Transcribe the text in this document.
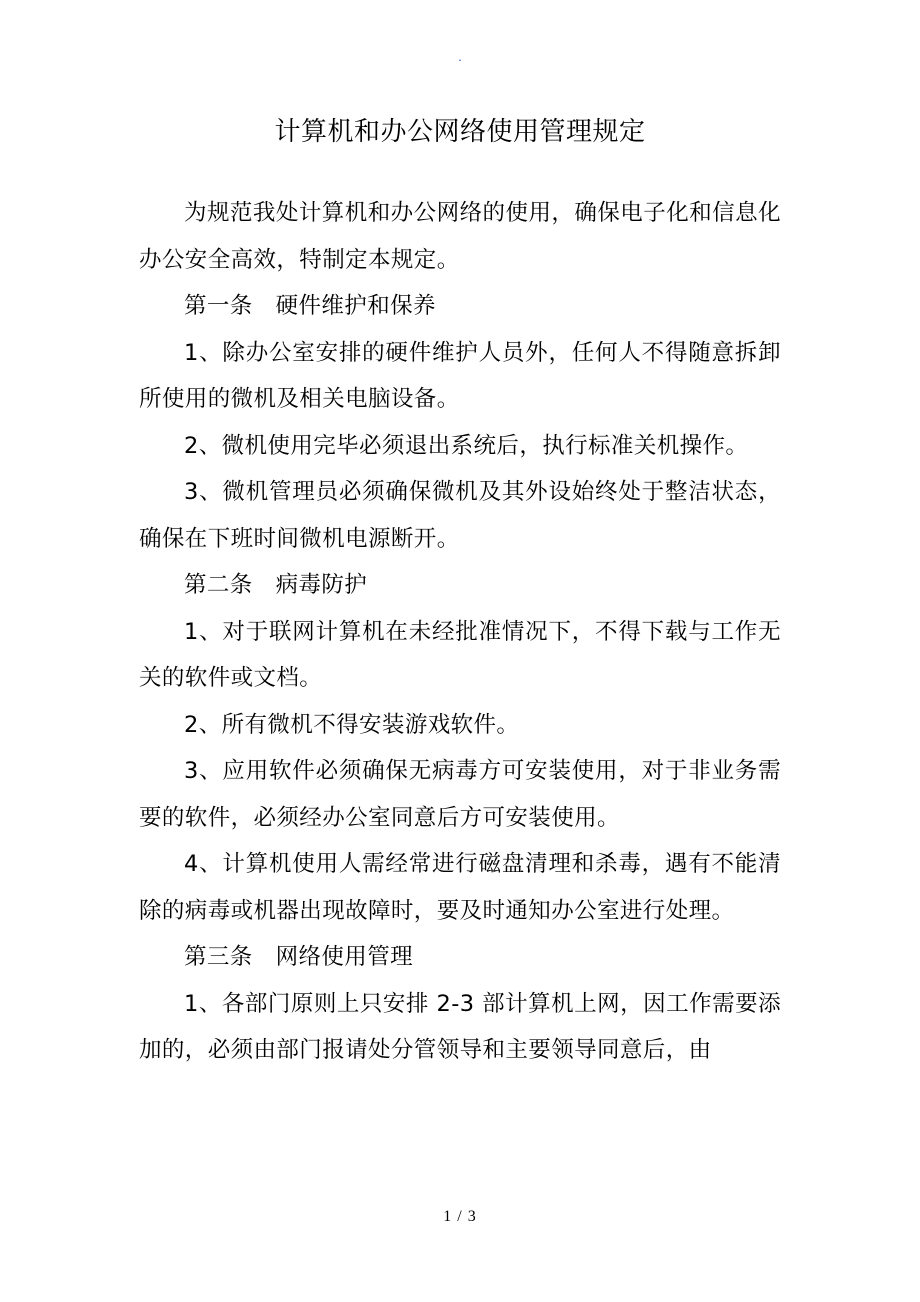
.
计算机和办公网络使用管理规定

为规范我处计算机和办公网络的使用，确保电子化和信息化办公安全高效，特制定本规定。

第一条　硬件维护和保养

1、除办公室安排的硬件维护人员外，任何人不得随意拆卸所使用的微机及相关电脑设备。

2、微机使用完毕必须退出系统后，执行标准关机操作。

3、微机管理员必须确保微机及其外设始终处于整洁状态，确保在下班时间微机电源断开。

第二条　病毒防护

1、对于联网计算机在未经批准情况下，不得下载与工作无关的软件或文档。

2、所有微机不得安装游戏软件。

3、应用软件必须确保无病毒方可安装使用，对于非业务需要的软件，必须经办公室同意后方可安装使用。

4、计算机使用人需经常进行磁盘清理和杀毒，遇有不能清除的病毒或机器出现故障时，要及时通知办公室进行处理。

第三条　网络使用管理

1、各部门原则上只安排 2-3 部计算机上网，因工作需要添加的，必须由部门报请处分管领导和主要领导同意后，由

1 / 3
